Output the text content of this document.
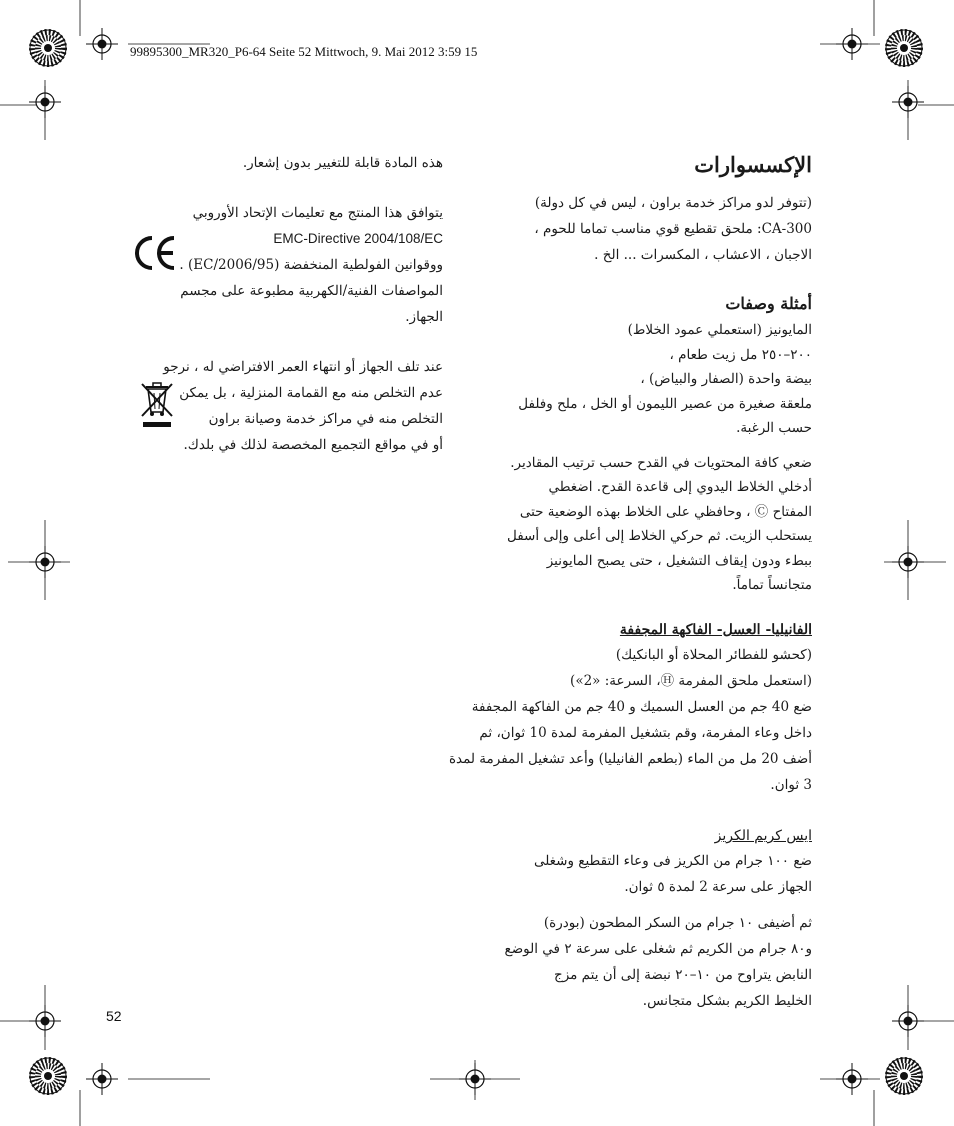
99895300_MR320_P6-64 Seite 52 Mittwoch, 9. Mai 2012 3:59 15
الإكسسوارات
(تتوفر لدو مراكز خدمة براون ، ليس في كل دولة)
CA-300: ملحق تقطيع قوي مناسب تماما للحوم ،
الاجبان ، الاعشاب ، المكسرات ... الخ .
أمثلة وصفات
المايونيز (استعملي عمود الخلاط)
٢٠٠–٢٥٠ مل زيت طعام ،
بيضة واحدة (الصفار والبياض) ،
ملعقة صغيرة من عصير الليمون أو الخل ، ملح وفلفل
حسب الرغبة.
ضعي كافة المحتويات في القدح حسب ترتيب المقادير.
أدخلي الخلاط اليدوي إلى قاعدة القدح. اضغطي
المفتاح Ⓒ ، وحافظي على الخلاط بهذه الوضعية حتى
يستحلب الزيت. ثم حركي الخلاط إلى أعلى وإلى أسفل
ببطء ودون إيقاف التشغيل ، حتى يصبح المايونيز
متجانساً تماماً.
الفانيليا- العسل- الفاكهة المجففة
(كحشو للفطائر المحلاة أو البانكيك)
(استعمل ملحق المفرمة Ⓗ، السرعة: «2»)
ضع 40 جم من العسل السميك و 40 جم من الفاكهة المجففة
داخل وعاء المفرمة، وقم بتشغيل المفرمة لمدة 10 ثوان، ثم
أضف 20 مل من الماء (بطعم الفانيليا) وأعد تشغيل المفرمة لمدة
3 ثوان.
ايس كريم الكريز
ضع ١٠٠ جرام من الكريز فى وعاء التقطيع وشغلى
الجهاز على سرعة 2 لمدة ٥ ثوان.
ثم أضيفى ١٠ جرام من السكر المطحون (بودرة)
و٨٠ جرام من الكريم ثم شغلى على سرعة ٢ في الوضع
النابض يتراوح من ١٠–٢٠ نبضة إلى أن يتم مزج
الخليط الكريم بشكل متجانس.
هذه المادة قابلة للتغيير بدون إشعار.
يتوافق هذا المنتج مع تعليمات الإتحاد الأوروبي
EMC-Directive 2004/108/EC
ووقوانين الفولطية المنخفضة (2006/95/EC) .
المواصفات الفنية/الكهربية مطبوعة على مجسم
الجهاز.
عند تلف الجهاز أو انتهاء العمر الافتراضي له ، نرجو
عدم التخلص منه مع القمامة المنزلية ، بل يمكن
التخلص منه في مراكز خدمة وصيانة براون
أو في مواقع التجميع المخصصة لذلك في بلدك.
52
